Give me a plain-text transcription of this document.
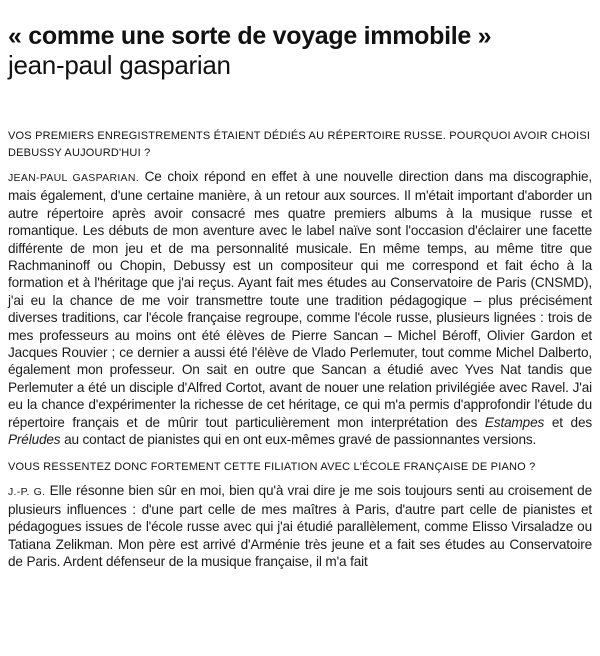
« comme une sorte de voyage immobile »
jean-paul gasparian

VOS PREMIERS ENREGISTREMENTS ÉTAIENT DÉDIÉS AU RÉPERTOIRE RUSSE. POURQUOI AVOIR CHOISI DEBUSSY AUJOURD'HUI ?

JEAN-PAUL GASPARIAN. Ce choix répond en effet à une nouvelle direction dans ma discographie, mais également, d'une certaine manière, à un retour aux sources. Il m'était important d'aborder un autre répertoire après avoir consacré mes quatre premiers albums à la musique russe et romantique. Les débuts de mon aventure avec le label naïve sont l'occasion d'éclairer une facette différente de mon jeu et de ma personnalité musicale. En même temps, au même titre que Rachmaninoff ou Chopin, Debussy est un compositeur qui me correspond et fait écho à la formation et à l'héritage que j'ai reçus. Ayant fait mes études au Conservatoire de Paris (CNSMD), j'ai eu la chance de me voir transmettre toute une tradition pédagogique – plus précisément diverses traditions, car l'école française regroupe, comme l'école russe, plusieurs lignées : trois de mes professeurs au moins ont été élèves de Pierre Sancan – Michel Béroff, Olivier Gardon et Jacques Rouvier ; ce dernier a aussi été l'élève de Vlado Perlemuter, tout comme Michel Dalberto, également mon professeur. On sait en outre que Sancan a étudié avec Yves Nat tandis que Perlemuter a été un disciple d'Alfred Cortot, avant de nouer une relation privilégiée avec Ravel. J'ai eu la chance d'expérimenter la richesse de cet héritage, ce qui m'a permis d'approfondir l'étude du répertoire français et de mûrir tout particulièrement mon interprétation des Estampes et des Préludes au contact de pianistes qui en ont eux-mêmes gravé de passionnantes versions.

VOUS RESSENTEZ DONC FORTEMENT CETTE FILIATION AVEC L'ÉCOLE FRANÇAISE DE PIANO ?

J.-P. G. Elle résonne bien sûr en moi, bien qu'à vrai dire je me sois toujours senti au croisement de plusieurs influences : d'une part celle de mes maîtres à Paris, d'autre part celle de pianistes et pédagogues issues de l'école russe avec qui j'ai étudié parallèlement, comme Elisso Virsaladze ou Tatiana Zelikman. Mon père est arrivé d'Arménie très jeune et a fait ses études au Conservatoire de Paris. Ardent défenseur de la musique française, il m'a fait
